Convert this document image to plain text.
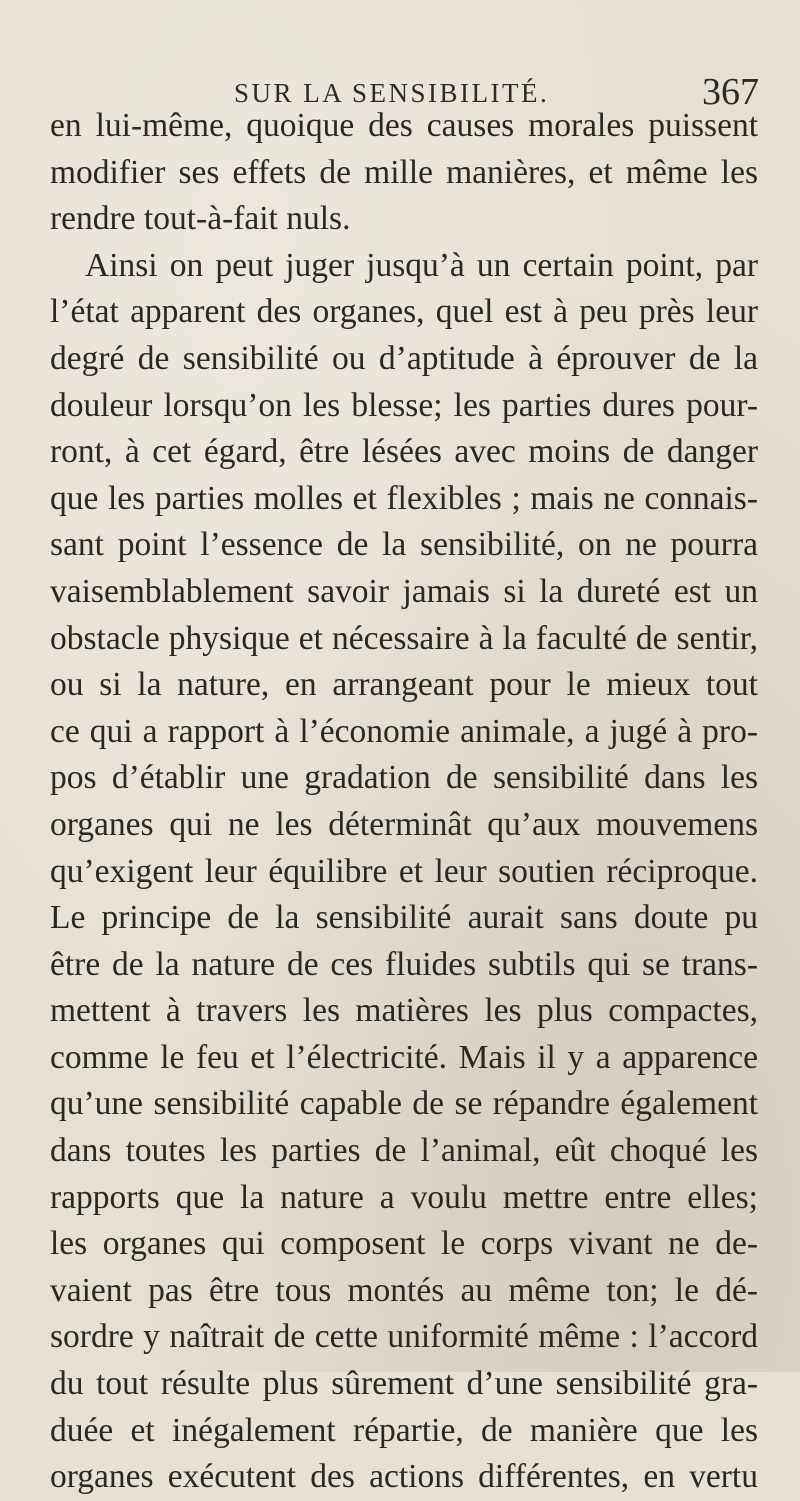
SUR LA SENSIBILITÉ.	367
en lui-même, quoique des causes morales puissent
modifier ses effets de mille manières, et même les
rendre tout-à-fait nuls.
Ainsi on peut juger jusqu’à un certain point, par
l’état apparent des organes, quel est à peu près leur
degré de sensibilité ou d’aptitude à éprouver de la
douleur lorsqu’on les blesse; les parties dures pour-
ront, à cet égard, être lésées avec moins de danger
que les parties molles et flexibles ; mais ne connais-
sant point l’essence de la sensibilité, on ne pourra
vaisemblablement savoir jamais si la dureté est un
obstacle physique et nécessaire à la faculté de sentir,
ou si la nature, en arrangeant pour le mieux tout
ce qui a rapport à l’économie animale, a jugé à pro-
pos d’établir une gradation de sensibilité dans les
organes qui ne les déterminât qu’aux mouvemens
qu’exigent leur équilibre et leur soutien réciproque.
Le principe de la sensibilité aurait sans doute pu
être de la nature de ces fluides subtils qui se trans-
mettent à travers les matières les plus compactes,
comme le feu et l’électricité. Mais il y a apparence
qu’une sensibilité capable de se répandre également
dans toutes les parties de l’animal, eût choqué les
rapports que la nature a voulu mettre entre elles;
les organes qui composent le corps vivant ne de-
vaient pas être tous montés au même ton; le dé-
sordre y naîtrait de cette uniformité même : l’accord
du tout résulte plus sûrement d’une sensibilité gra-
duée et inégalement répartie, de manière que les
organes exécutent des actions différentes, en vertu
